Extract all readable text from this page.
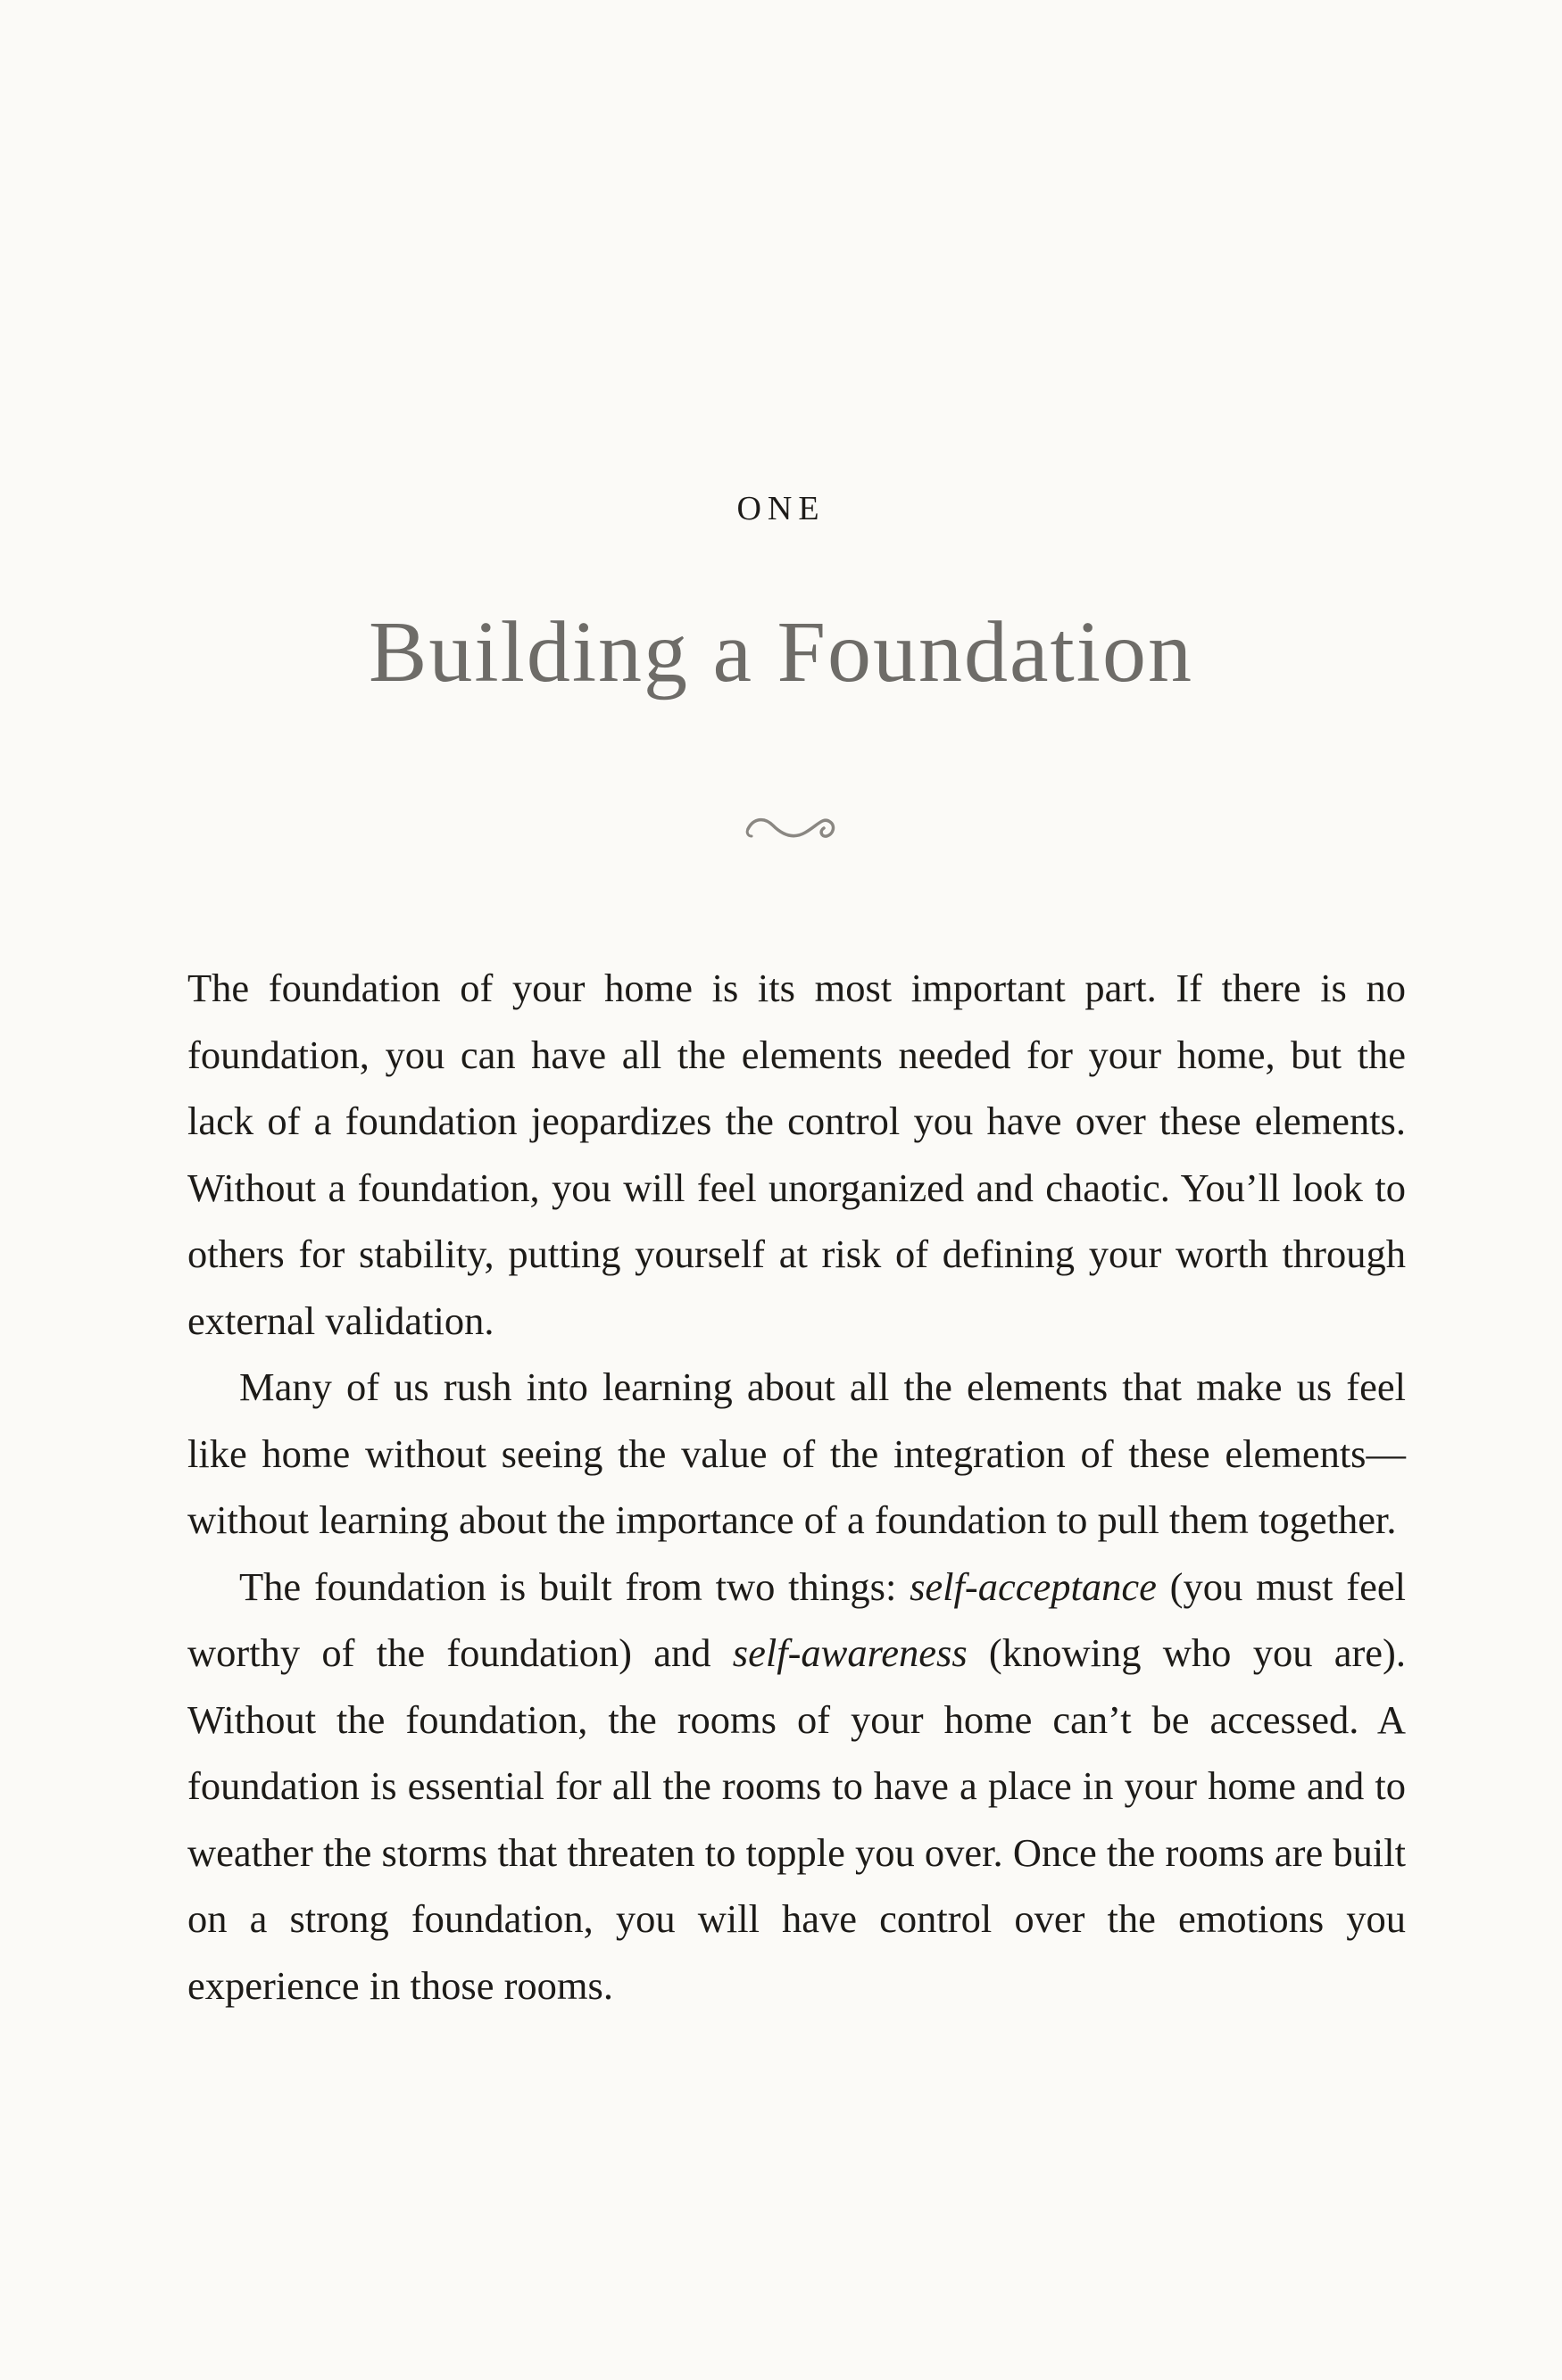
ONE
Building a Foundation

The foundation of your home is its most important part. If there is no foundation, you can have all the elements needed for your home, but the lack of a foundation jeopardizes the control you have over these elements. Without a foundation, you will feel unorganized and chaotic. You’ll look to others for stability, putting yourself at risk of defining your worth through external validation.

Many of us rush into learning about all the elements that make us feel like home without seeing the value of the integration of these elements—without learning about the importance of a foundation to pull them together.

The foundation is built from two things: self-acceptance (you must feel worthy of the foundation) and self-awareness (knowing who you are). Without the foundation, the rooms of your home can’t be accessed. A foundation is essential for all the rooms to have a place in your home and to weather the storms that threaten to topple you over. Once the rooms are built on a strong foundation, you will have control over the emotions you experience in those rooms.
